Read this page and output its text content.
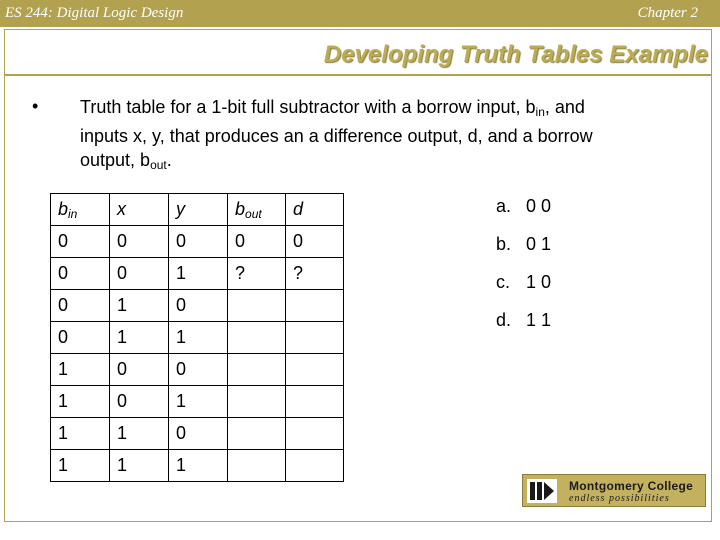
ES 244: Digital Logic Design	Chapter 2
Developing Truth Tables Example
• Truth table for a 1-bit full subtractor with a borrow input, $b_{in}$, and
inputs x, y, that produces an a difference output, d, and a borrow
output, $b_{out}$.
$b_{in}$	x	y	$b_{out}$	d
0	0	0	0	0
0	0	1	?	?
0	1	0		
0	1	1		
1	0	0		
1	0	1		
1	1	0		
1	1	1		
a. 0 0
b. 0 1
c. 1 0
d. 1 1
Montgomery College
endless possibilities
